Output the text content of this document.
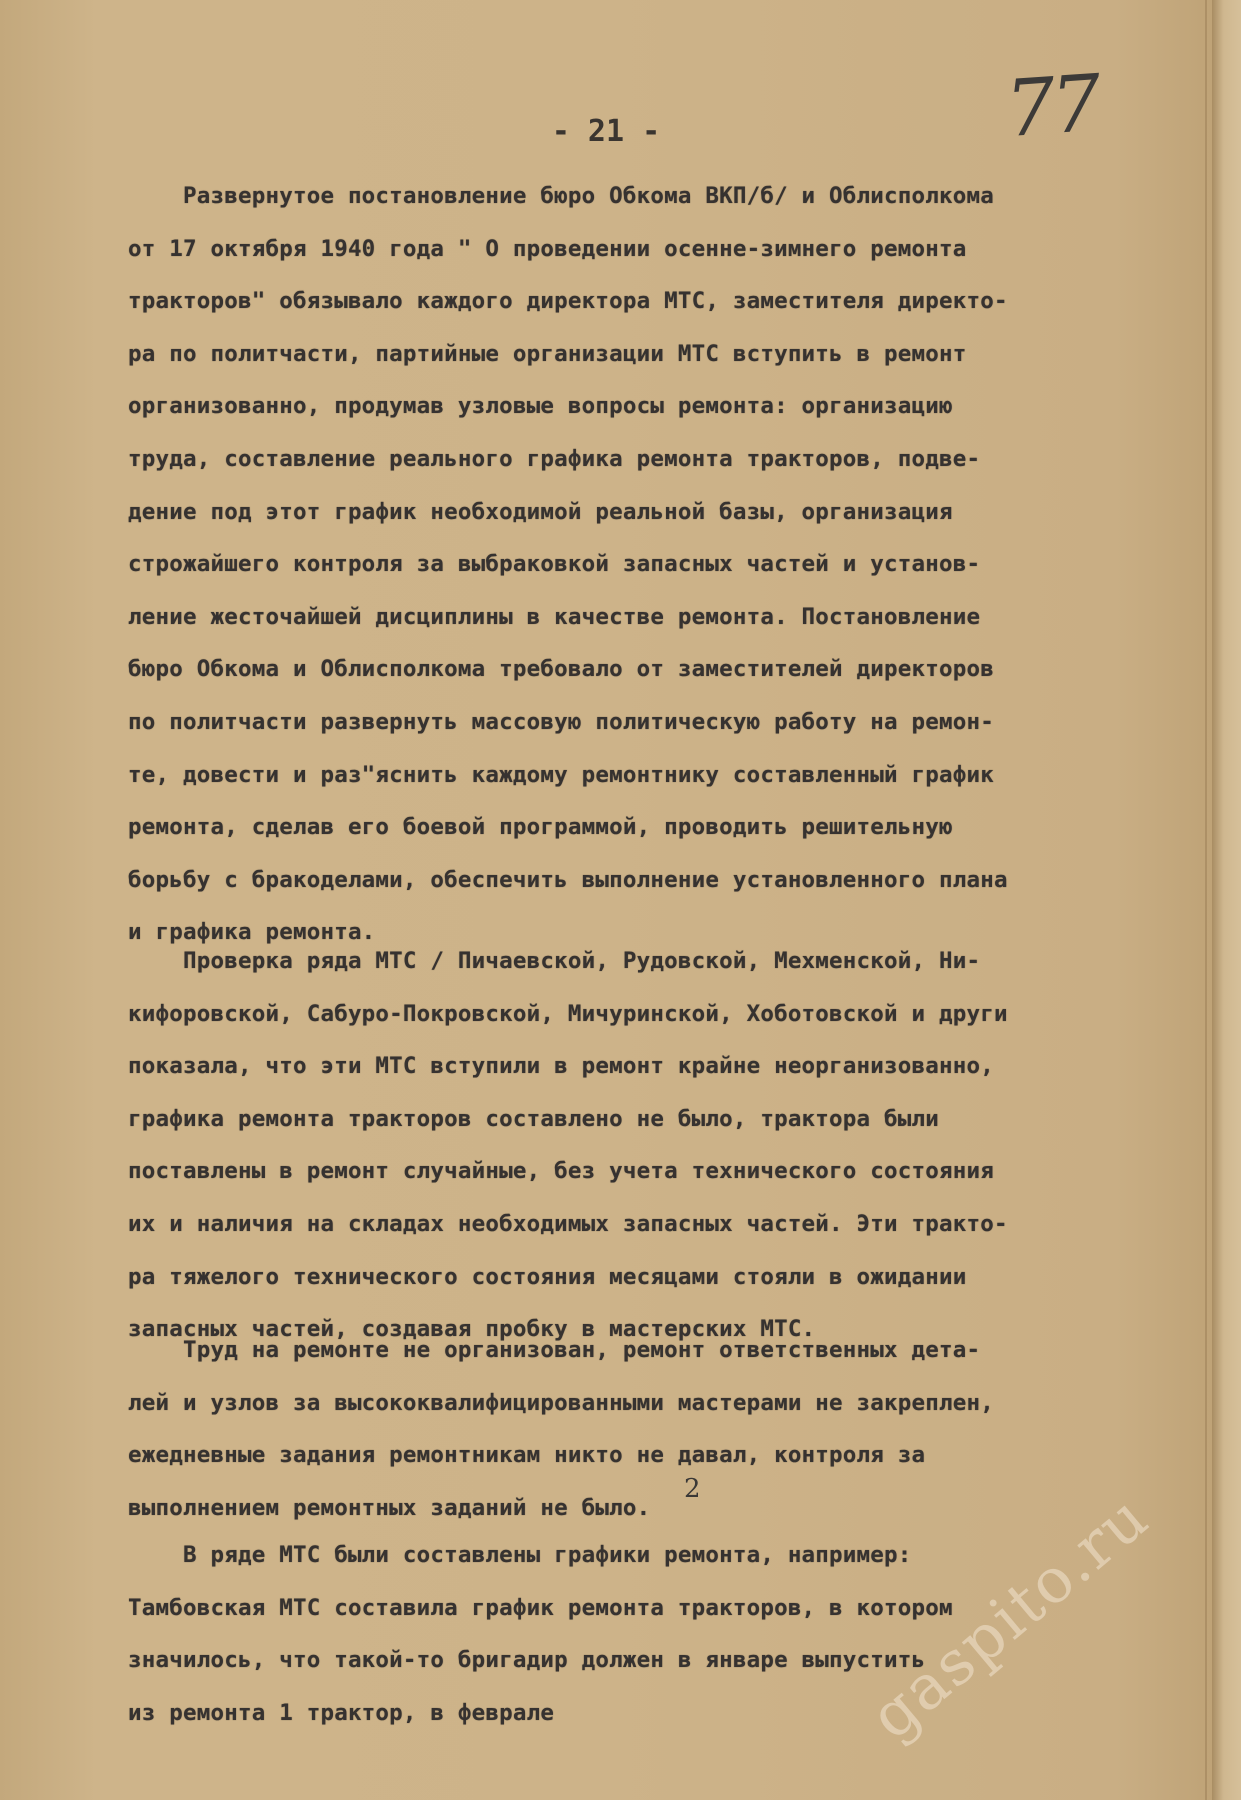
77
- 21 -
Развернутое постановление бюро Обкома ВКП/б/ и Облисполкома
от 17 октября 1940 года " О проведении осенне-зимнего ремонта
тракторов" обязывало каждого директора МТС, заместителя директо-
ра по политчасти, партийные организации МТС вступить в ремонт
организованно, продумав узловые вопросы ремонта: организацию
труда, составление реального графика ремонта тракторов, подве-
дение под этот график необходимой реальной базы, организация
строжайшего контроля за выбраковкой запасных частей и установ-
ление жесточайшей дисциплины в качестве ремонта. Постановление
бюро Обкома и Облисполкома требовало от заместителей директоров
по политчасти развернуть массовую политическую работу на ремон-
те, довести и раз"яснить каждому ремонтнику составленный график
ремонта, сделав его боевой программой, проводить решительную
борьбу с бракоделами, обеспечить выполнение установленного плана
и графика ремонта.
Проверка ряда МТС / Пичаевской, Рудовской, Мехменской, Ни-
кифоровской, Сабуро-Покровской, Мичуринской, Хоботовской и други
показала, что эти МТС вступили в ремонт крайне неорганизованно,
графика ремонта тракторов составлено не было, трактора были
поставлены в ремонт случайные, без учета технического состояния
их и наличия на складах необходимых запасных частей. Эти тракто-
ра тяжелого технического состояния месяцами стояли в ожидании
запасных частей, создавая пробку в мастерских МТС.
Труд на ремонте не организован, ремонт ответственных дета-
лей и узлов за высококвалифицированными мастерами не закреплен,
ежедневные задания ремонтникам никто не давал, контроля за
выполнением ремонтных заданий не было.
В ряде МТС были составлены графики ремонта, например:
Тамбовская МТС составила график ремонта тракторов, в котором
значилось, что такой-то бригадир должен в январе выпустить
из ремонта 1 трактор, в феврале
2	gaspito.ru
